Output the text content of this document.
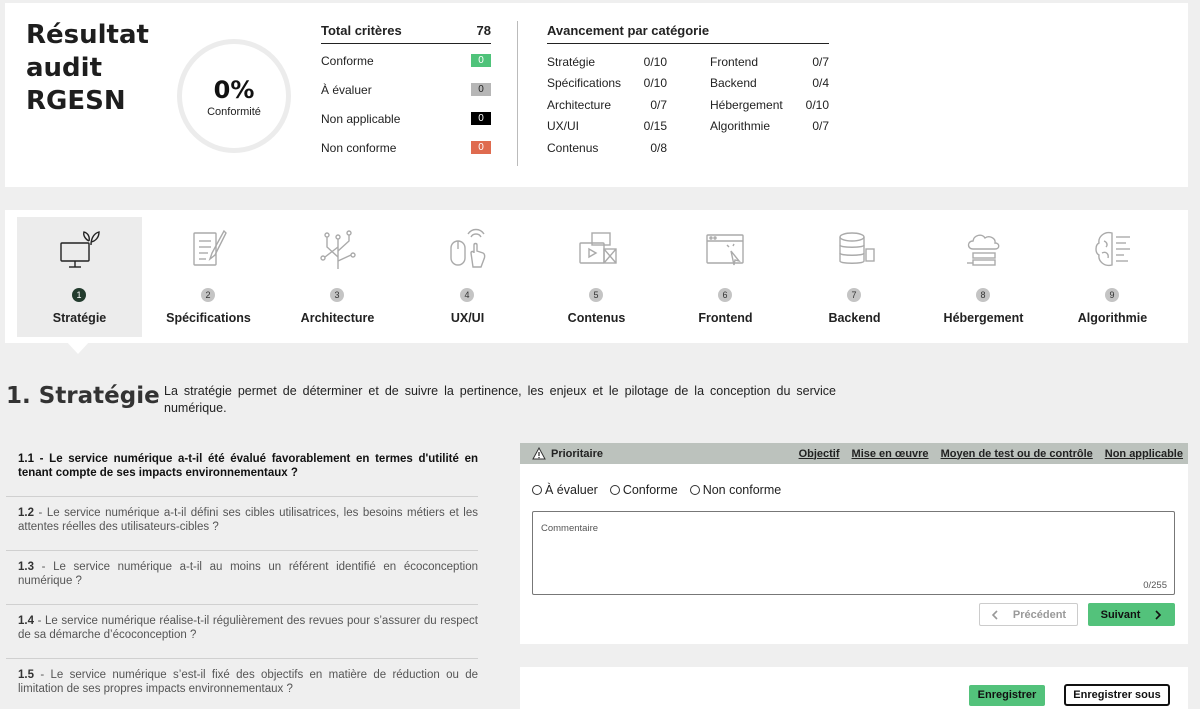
Résultat
audit
RGESN	0%
Conformité
Total critères	78
Conforme	0
À évaluer	0
Non applicable	0
Non conforme	0
Avancement par catégorie
Stratégie	0/10
Spécifications 0/10
Architecture	0/7
UX/UI	0/15
Contenus	0/8
Frontend	0/7
Backend	0/4
Hébergement 0/10
Algorithmie	0/7
1
Stratégie
2
Spécifications
3
Architecture
4
UX/UI
5
Contenus
6
Frontend
7
Backend
8
Hébergement
9
Algorithmie
1. Stratégie La stratégie permet de déterminer et de suivre la pertinence, les enjeux et le pilotage de la conception du service numérique.
1.1 - Le service numérique a-t-il été évalué favorablement en termes d'utilité en tenant compte de ses impacts environnementaux ?
1.2 - Le service numérique a-t-il défini ses cibles utilisatrices, les besoins métiers et les attentes réelles des utilisateurs-cibles ?
1.3 - Le service numérique a-t-il au moins un référent identifié en écoconception numérique ?
1.4 - Le service numérique réalise-t-il régulièrement des revues pour s’assurer du respect de sa démarche d’écoconception ?
1.5 - Le service numérique s’est-il fixé des objectifs en matière de réduction ou de limitation de ses propres impacts environnementaux ?
Prioritaire	Objectif Mise en œuvre Moyen de test ou de contrôle Non applicable
À évaluer Conforme Non conforme
Commentaire
0/255
Précédent	Suivant
Enregistrer	Enregistrer sous
